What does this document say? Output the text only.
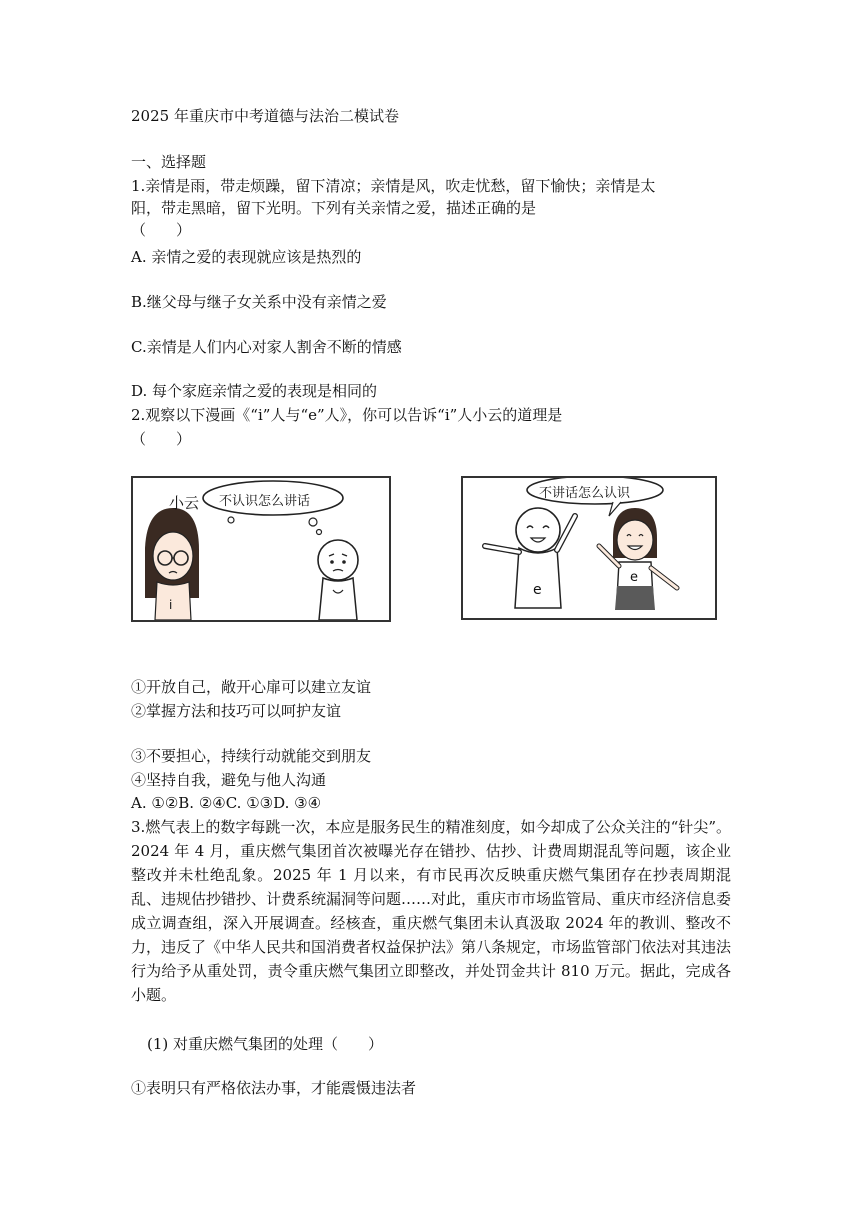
2025 年重庆市中考道德与法治二模试卷
一、选择题
1.亲情是雨，带走烦躁，留下清凉；亲情是风，吹走忧愁，留下愉快；亲情是太
阳，带走黑暗，留下光明。下列有关亲情之爱，描述正确的是
（　　）
A. 亲情之爱的表现就应该是热烈的
B.继父母与继子女关系中没有亲情之爱
C.亲情是人们内心对家人割舍不断的情感
D. 每个家庭亲情之爱的表现是相同的
2.观察以下漫画《“i”人与“e”人》，你可以告诉“i”人小云的道理是
（　　）
不认识怎么讲话
小云
i
不讲话怎么认识
e
e
①开放自己，敞开心扉可以建立友谊
②掌握方法和技巧可以呵护友谊
③不要担心，持续行动就能交到朋友
④坚持自我，避免与他人沟通
A. ①②B. ②④C. ①③D. ③④
3.燃气表上的数字每跳一次，本应是服务民生的精准刻度，如今却成了公众关注的“针尖”。2024 年 4 月，重庆燃气集团首次被曝光存在错抄、估抄、计费周期混乱等问题，该企业整改并未杜绝乱象。2025 年 1 月以来，有市民再次反映重庆燃气集团存在抄表周期混乱、违规估抄错抄、计费系统漏洞等问题……对此，重庆市市场监管局、重庆市经济信息委成立调查组，深入开展调查。经核查，重庆燃气集团未认真汲取 2024 年的教训、整改不力，违反了《中华人民共和国消费者权益保护法》第八条规定，市场监管部门依法对其违法行为给予从重处罚，责令重庆燃气集团立即整改，并处罚金共计 810 万元。据此，完成各小题。
(1) 对重庆燃气集团的处理（　　）
①表明只有严格依法办事，才能震慑违法者
